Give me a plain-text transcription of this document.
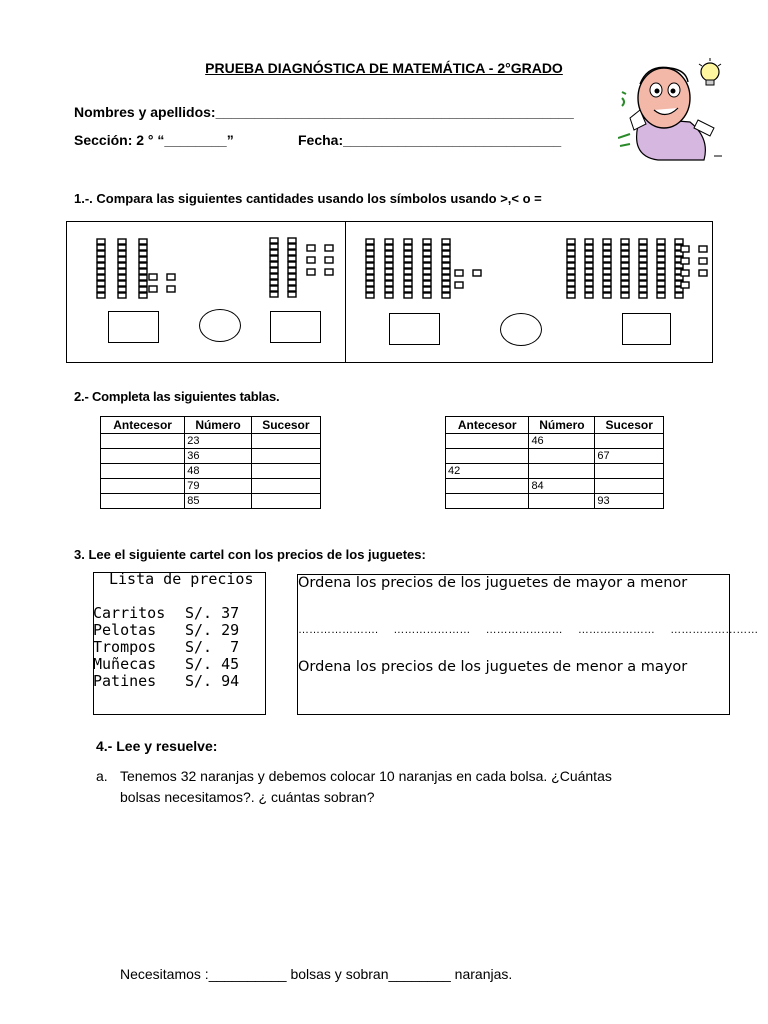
PRUEBA DIAGNÓSTICA DE MATEMÁTICA - 2°GRADO
Nombres y apellidos:______________________________________________
Sección: 2 ° “________”	Fecha:____________________________
1.-. Compara las siguientes cantidades usando los símbolos usando >,< o =
2.- Completa las siguientes tablas.
Antecesor	Número	Sucesor
	23	
	36	
	48	
	79	
	85	
Antecesor	Número	Sucesor
	46	
		67
42		
	84	
		93
3. Lee el siguiente cartel con los precios de los juguetes:
Lista de precios
Carritos S/. 37
Pelotas S/. 29
Trompos S/.  7
Muñecas S/. 45
Patines S/. 94
Ordena los precios de los juguetes de mayor a menor
…………………. ………………… ………………… ………………… ……………………
Ordena los precios de los juguetes de menor a mayor
4.- Lee y resuelve:
a. Tenemos 32 naranjas y debemos colocar 10 naranjas en cada bolsa. ¿Cuántas
bolsas necesitamos?. ¿ cuántas sobran?
Necesitamos :__________ bolsas y sobran________ naranjas.
